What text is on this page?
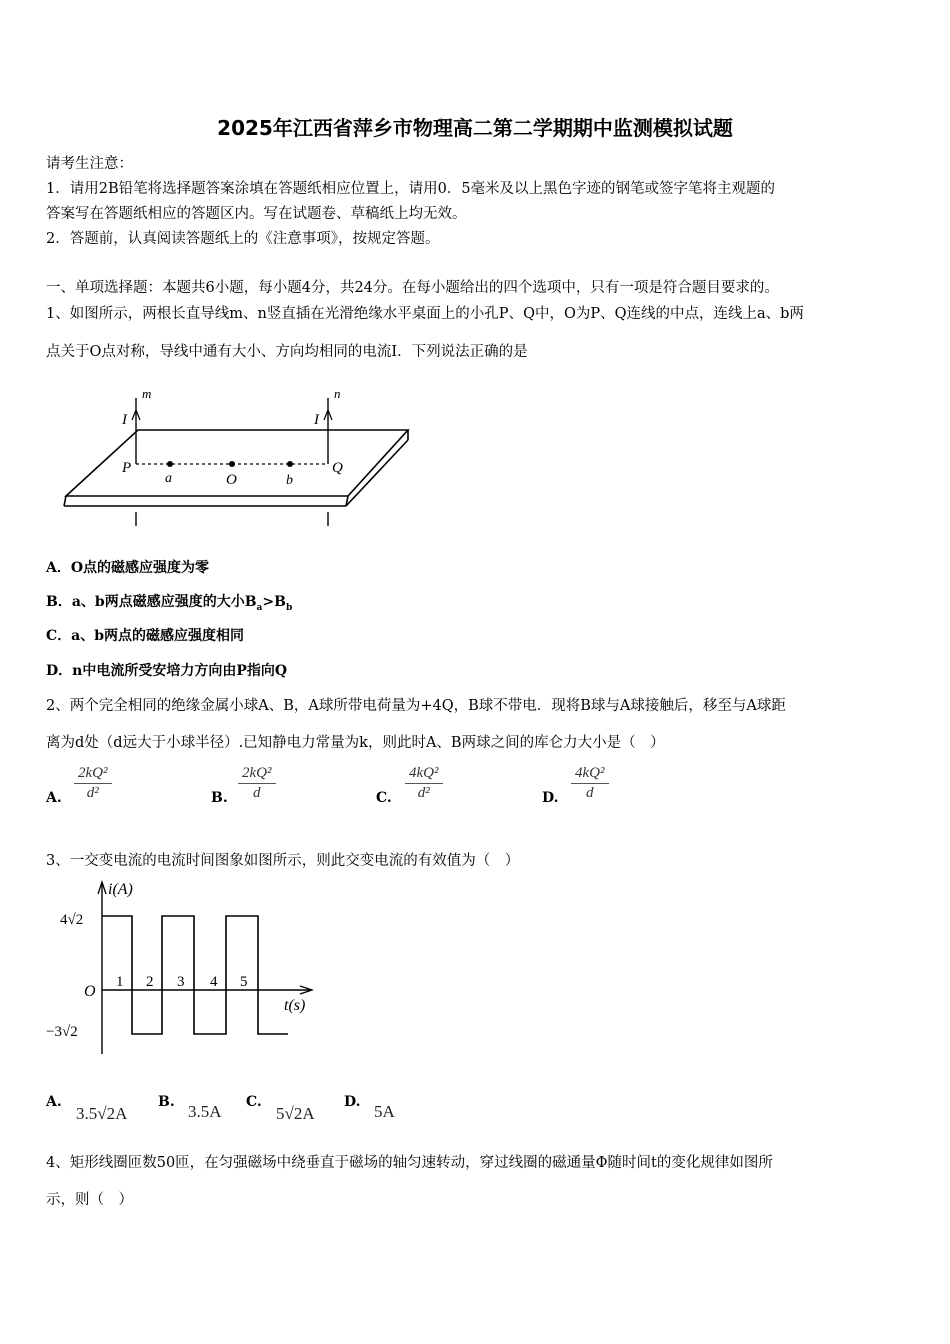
2025年江西省萍乡市物理高二第二学期期中监测模拟试题
请考生注意：
1．请用2B铅笔将选择题答案涂填在答题纸相应位置上，请用0．5毫米及以上黑色字迹的钢笔或签字笔将主观题的
答案写在答题纸相应的答题区内。写在试题卷、草稿纸上均无效。
2．答题前，认真阅读答题纸上的《注意事项》，按规定答题。
一、单项选择题：本题共6小题，每小题4分，共24分。在每小题给出的四个选项中，只有一项是符合题目要求的。
1、如图所示，两根长直导线m、n竖直插在光滑绝缘水平桌面上的小孔P、Q中，O为P、Q连线的中点，连线上a、b两
点关于O点对称，导线中通有大小、方向均相同的电流I．下列说法正确的是
I
m
I
n
P
a	O	b
Q
A．O点的磁感应强度为零
B．a、b两点磁感应强度的大小$B_a>B_b$
C．a、b两点的磁感应强度相同
D．n中电流所受安培力方向由P指向Q
2、两个完全相同的绝缘金属小球A、B，A球所带电荷量为+4Q，B球不带电．现将B球与A球接触后，移至与A球距
离为d处（d远大于小球半径）.已知静电力常量为k，则此时A、B两球之间的库仑力大小是（　）
A.
2kQ²
d²	B.
2kQ²
d	C.
4kQ²
d²	D.
4kQ²
d
3、一交变电流的电流时间图象如图所示，则此交变电流的有效值为（　）
i(A)
t(s)
O
4√2
−3√2
1 2 3 4 5
A.
3.5√2A
B. 3.5A C.
5√2A
D. 5A
4、矩形线圈匝数50匝，在匀强磁场中绕垂直于磁场的轴匀速转动，穿过线圈的磁通量Φ随时间t的变化规律如图所
示，则（　）
